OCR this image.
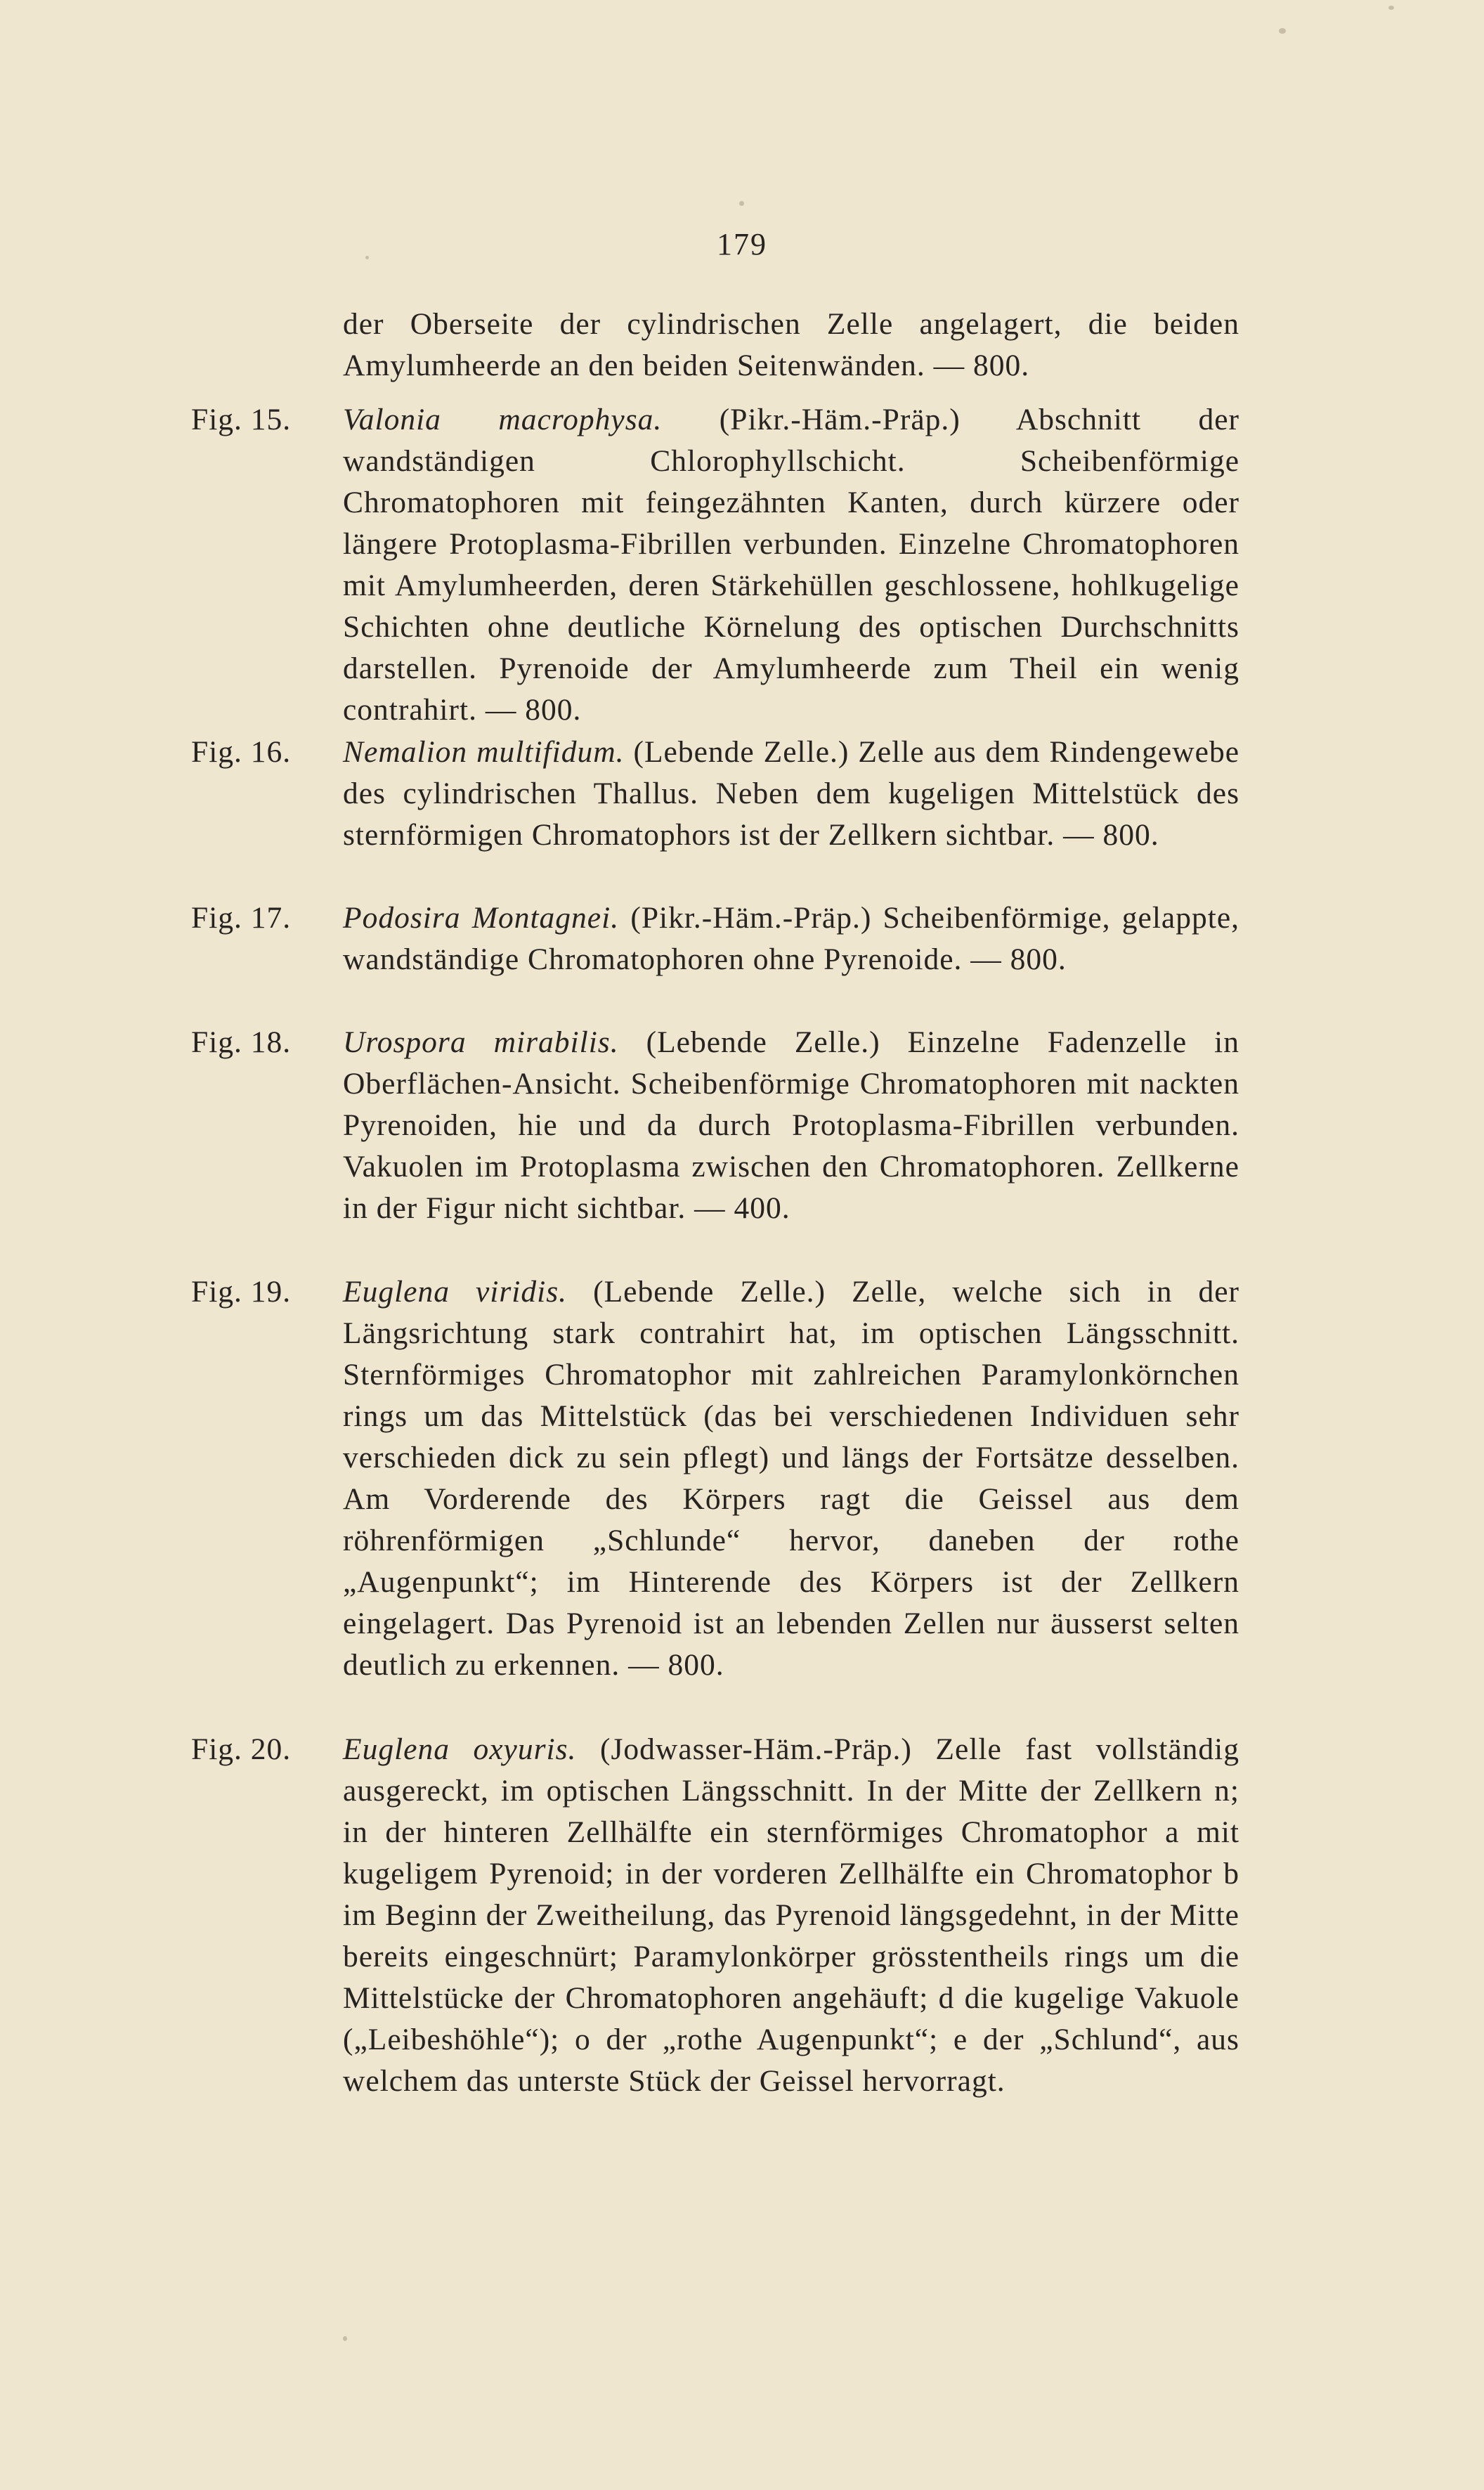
179
der Oberseite der cylindrischen Zelle angelagert, die beiden Amylumheerde an den beiden Seitenwänden. — 800.
Fig. 15.	Valonia macrophysa. (Pikr.-Häm.-Präp.) Abschnitt der wandständigen Chlorophyllschicht. Scheibenförmige Chromatophoren mit feingezähnten Kanten, durch kürzere oder längere Protoplasma-Fibrillen verbunden. Einzelne Chromatophoren mit Amylumheerden, deren Stärkehüllen geschlossene, hohlkugelige Schichten ohne deutliche Körnelung des optischen Durchschnitts darstellen. Pyrenoide der Amylumheerde zum Theil ein wenig contrahirt. — 800.
Fig. 16.	Nemalion multifidum. (Lebende Zelle.) Zelle aus dem Rindengewebe des cylindrischen Thallus. Neben dem kugeligen Mittelstück des sternförmigen Chromatophors ist der Zellkern sichtbar. — 800.
Fig. 17.	Podosira Montagnei. (Pikr.-Häm.-Präp.) Scheibenförmige, gelappte, wandständige Chromatophoren ohne Pyrenoide. — 800.
Fig. 18.	Urospora mirabilis. (Lebende Zelle.) Einzelne Fadenzelle in Oberflächen-Ansicht. Scheibenförmige Chromatophoren mit nackten Pyrenoiden, hie und da durch Protoplasma-Fibrillen verbunden. Vakuolen im Protoplasma zwischen den Chromatophoren. Zellkerne in der Figur nicht sichtbar. — 400.
Fig. 19.	Euglena viridis. (Lebende Zelle.) Zelle, welche sich in der Längsrichtung stark contrahirt hat, im optischen Längsschnitt. Sternförmiges Chromatophor mit zahlreichen Paramylonkörnchen rings um das Mittelstück (das bei verschiedenen Individuen sehr verschieden dick zu sein pflegt) und längs der Fortsätze desselben. Am Vorderende des Körpers ragt die Geissel aus dem röhrenförmigen „Schlunde“ hervor, daneben der rothe „Augenpunkt“; im Hinterende des Körpers ist der Zellkern eingelagert. Das Pyrenoid ist an lebenden Zellen nur äusserst selten deutlich zu erkennen. — 800.
Fig. 20.	Euglena oxyuris. (Jodwasser-Häm.-Präp.) Zelle fast vollständig ausgereckt, im optischen Längsschnitt. In der Mitte der Zellkern n; in der hinteren Zellhälfte ein sternförmiges Chromatophor a mit kugeligem Pyrenoid; in der vorderen Zellhälfte ein Chromatophor b im Beginn der Zweitheilung, das Pyrenoid längsgedehnt, in der Mitte bereits eingeschnürt; Paramylonkörper grösstentheils rings um die Mittelstücke der Chromatophoren angehäuft; d die kugelige Vakuole („Leibeshöhle“); o der „rothe Augenpunkt“; e der „Schlund“, aus welchem das unterste Stück der Geissel hervorragt.
